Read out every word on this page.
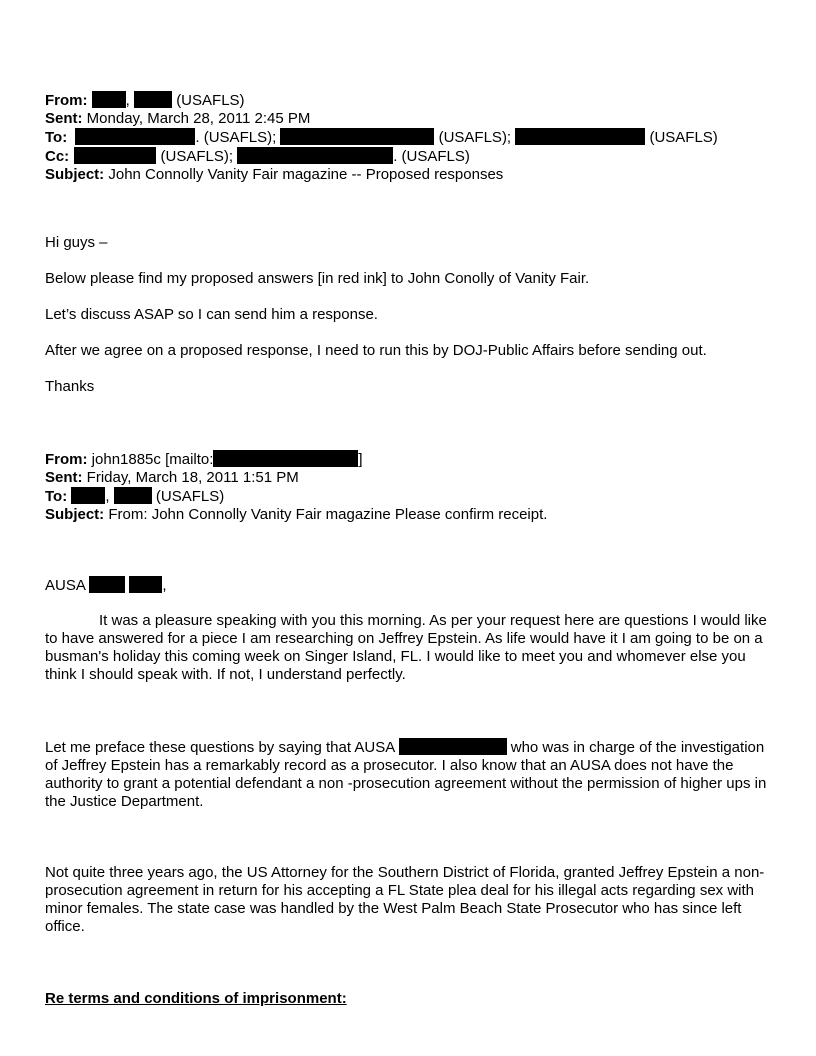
From:	,	(USAFLS)
Sent: Monday, March 28, 2011 2:45 PM
To:	. (USAFLS);	(USAFLS);	(USAFLS)
Cc:	(USAFLS);	. (USAFLS)
Subject: John Connolly Vanity Fair magazine -- Proposed responses

Hi guys –

Below please find my proposed answers [in red ink] to John Conolly of Vanity Fair.

Let’s discuss ASAP so I can send him a response.

After we agree on a proposed response, I need to run this by DOJ-Public Affairs before sending out.

Thanks

From: john1885c [mailto:	]
Sent: Friday, March 18, 2011 1:51 PM
To:	,	(USAFLS)
Subject: From: John Connolly Vanity Fair magazine Please confirm receipt.

AUSA	,

It was a pleasure speaking with you this morning. As per your request here are questions I would like to have answered for a piece I am researching on Jeffrey Epstein. As life would have it I am going to be on a busman's holiday this coming week on Singer Island, FL. I would like to meet you and whomever else you think I should speak with. If not, I understand perfectly.

Let me preface these questions by saying that AUSA	who was in charge of the investigation of Jeffrey Epstein has a remarkably record as a prosecutor. I also know that an AUSA does not have the authority to grant a potential defendant a non -prosecution agreement without the permission of higher ups in the Justice Department.

Not quite three years ago, the US Attorney for the Southern District of Florida, granted Jeffrey Epstein a non-prosecution agreement in return for his accepting a FL State plea deal for his illegal acts regarding sex with minor females. The state case was handled by the West Palm Beach State Prosecutor who has since left office.

Re terms and conditions of imprisonment:
